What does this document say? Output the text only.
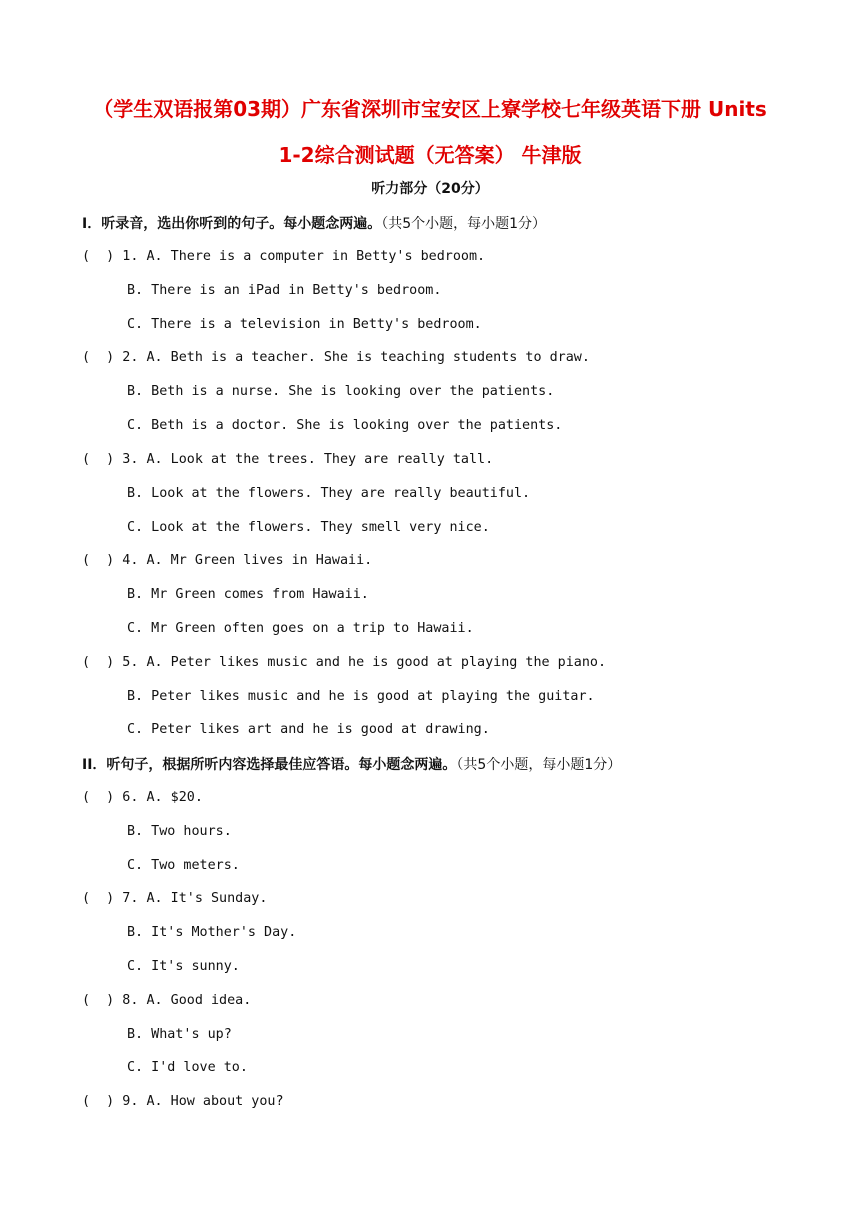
（学生双语报第03期）广东省深圳市宝安区上寮学校七年级英语下册 Units
1-2综合测试题（无答案） 牛津版
听力部分（20分）
I．听录音，选出你听到的句子。每小题念两遍。（共5个小题，每小题1分）
(  ) 1. A. There is a computer in Betty's bedroom.
B. There is an iPad in Betty's bedroom.
C. There is a television in Betty's bedroom.
(  ) 2. A. Beth is a teacher. She is teaching students to draw.
B. Beth is a nurse. She is looking over the patients.
C. Beth is a doctor. She is looking over the patients.
(  ) 3. A. Look at the trees. They are really tall.
B. Look at the flowers. They are really beautiful.
C. Look at the flowers. They smell very nice.
(  ) 4. A. Mr Green lives in Hawaii.
B. Mr Green comes from Hawaii.
C. Mr Green often goes on a trip to Hawaii.
(  ) 5. A. Peter likes music and he is good at playing the piano.
B. Peter likes music and he is good at playing the guitar.
C. Peter likes art and he is good at drawing.
II．听句子，根据所听内容选择最佳应答语。每小题念两遍。（共5个小题，每小题1分）
(  ) 6. A. $20.
B. Two hours.
C. Two meters.
(  ) 7. A. It's Sunday.
B. It's Mother's Day.
C. It's sunny.
(  ) 8. A. Good idea.
B. What's up?
C. I'd love to.
(  ) 9. A. How about you?
